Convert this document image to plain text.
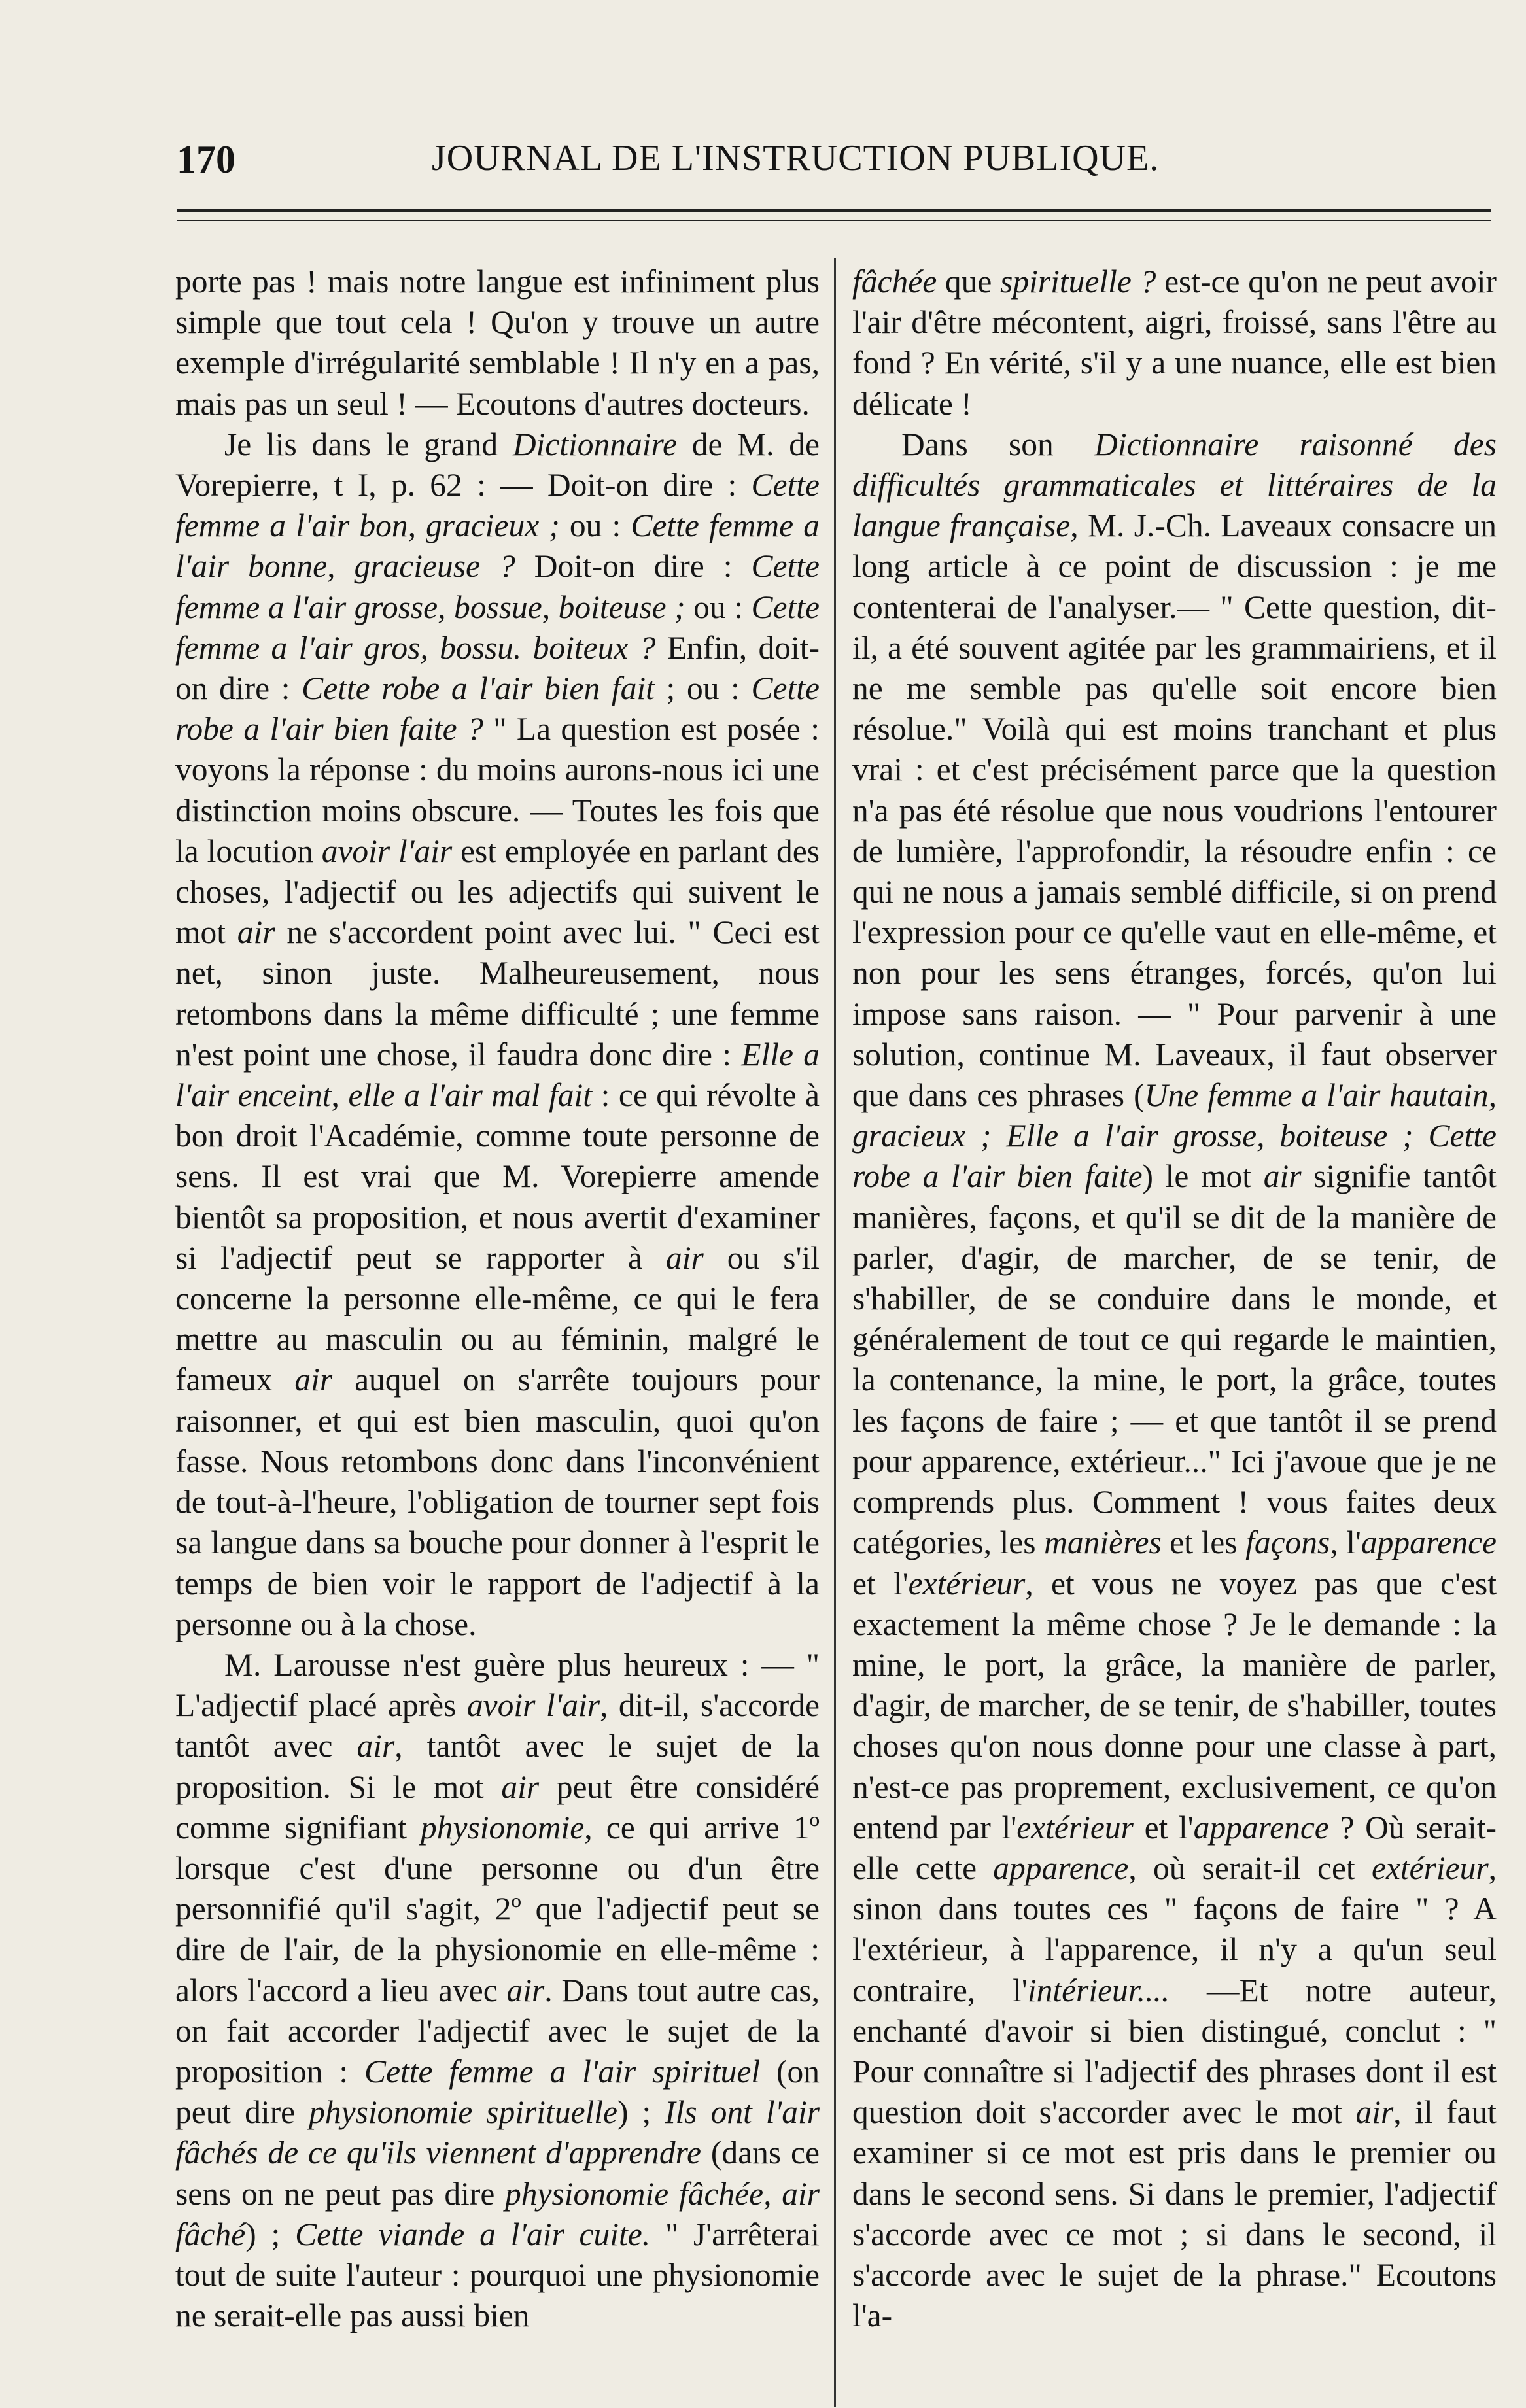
170	JOURNAL DE L'INSTRUCTION PUBLIQUE.

porte pas ! mais notre langue est infiniment plus simple que tout cela ! Qu'on y trouve un autre exemple d'irrégularité semblable ! Il n'y en a pas, mais pas un seul ! — Ecoutons d'autres docteurs.

Je lis dans le grand Dictionnaire de M. de Vorepierre, t I, p. 62 : — Doit-on dire : Cette femme a l'air bon, gracieux ; ou : Cette femme a l'air bonne, gracieuse ? Doit-on dire : Cette femme a l'air grosse, bossue, boiteuse ; ou : Cette femme a l'air gros, bossu. boiteux ? Enfin, doit-on dire : Cette robe a l'air bien fait ; ou : Cette robe a l'air bien faite ? " La question est posée : voyons la réponse : du moins aurons-nous ici une distinction moins obscure. — Toutes les fois que la locution avoir l'air est employée en parlant des choses, l'adjectif ou les adjectifs qui suivent le mot air ne s'accordent point avec lui. " Ceci est net, sinon juste. Malheureusement, nous retombons dans la même difficulté ; une femme n'est point une chose, il faudra donc dire : Elle a l'air enceint, elle a l'air mal fait : ce qui révolte à bon droit l'Académie, comme toute personne de sens. Il est vrai que M. Vorepierre amende bientôt sa proposition, et nous avertit d'examiner si l'adjectif peut se rapporter à air ou s'il concerne la personne elle-même, ce qui le fera mettre au masculin ou au féminin, malgré le fameux air auquel on s'arrête toujours pour raisonner, et qui est bien masculin, quoi qu'on fasse. Nous retombons donc dans l'inconvénient de tout-à-l'heure, l'obligation de tourner sept fois sa langue dans sa bouche pour donner à l'esprit le temps de bien voir le rapport de l'adjectif à la personne ou à la chose.

M. Larousse n'est guère plus heureux : — " L'adjectif placé après avoir l'air, dit-il, s'accorde tantôt avec air, tantôt avec le sujet de la proposition. Si le mot air peut être considéré comme signifiant physionomie, ce qui arrive 1º lorsque c'est d'une personne ou d'un être personnifié qu'il s'agit, 2º que l'adjectif peut se dire de l'air, de la physionomie en elle-même : alors l'accord a lieu avec air. Dans tout autre cas, on fait accorder l'adjectif avec le sujet de la proposition : Cette femme a l'air spirituel (on peut dire physionomie spirituelle) ; Ils ont l'air fâchés de ce qu'ils viennent d'apprendre (dans ce sens on ne peut pas dire physionomie fâchée, air fâché) ; Cette viande a l'air cuite. " J'arrêterai tout de suite l'auteur : pourquoi une physionomie ne serait-elle pas aussi bien

fâchée que spirituelle ? est-ce qu'on ne peut avoir l'air d'être mécontent, aigri, froissé, sans l'être au fond ? En vérité, s'il y a une nuance, elle est bien délicate !

Dans son Dictionnaire raisonné des difficultés grammaticales et littéraires de la langue française, M. J.-Ch. Laveaux consacre un long article à ce point de discussion : je me contenterai de l'analyser.— " Cette question, dit-il, a été souvent agitée par les grammairiens, et il ne me semble pas qu'elle soit encore bien résolue." Voilà qui est moins tranchant et plus vrai : et c'est précisément parce que la question n'a pas été résolue que nous voudrions l'entourer de lumière, l'approfondir, la résoudre enfin : ce qui ne nous a jamais semblé difficile, si on prend l'expression pour ce qu'elle vaut en elle-même, et non pour les sens étranges, forcés, qu'on lui impose sans raison. — " Pour parvenir à une solution, continue M. Laveaux, il faut observer que dans ces phrases (Une femme a l'air hautain, gracieux ; Elle a l'air grosse, boiteuse ; Cette robe a l'air bien faite) le mot air signifie tantôt manières, façons, et qu'il se dit de la manière de parler, d'agir, de marcher, de se tenir, de s'habiller, de se conduire dans le monde, et généralement de tout ce qui regarde le maintien, la contenance, la mine, le port, la grâce, toutes les façons de faire ; — et que tantôt il se prend pour apparence, extérieur..." Ici j'avoue que je ne comprends plus. Comment ! vous faites deux catégories, les manières et les façons, l'apparence et l'extérieur, et vous ne voyez pas que c'est exactement la même chose ? Je le demande : la mine, le port, la grâce, la manière de parler, d'agir, de marcher, de se tenir, de s'habiller, toutes choses qu'on nous donne pour une classe à part, n'est-ce pas proprement, exclusivement, ce qu'on entend par l'extérieur et l'apparence ? Où serait-elle cette apparence, où serait-il cet extérieur, sinon dans toutes ces " façons de faire " ? A l'extérieur, à l'apparence, il n'y a qu'un seul contraire, l'intérieur.... —Et notre auteur, enchanté d'avoir si bien distingué, conclut : " Pour connaître si l'adjectif des phrases dont il est question doit s'accorder avec le mot air, il faut examiner si ce mot est pris dans le premier ou dans le second sens. Si dans le premier, l'adjectif s'accorde avec ce mot ; si dans le second, il s'accorde avec le sujet de la phrase." Ecoutons l'a-
